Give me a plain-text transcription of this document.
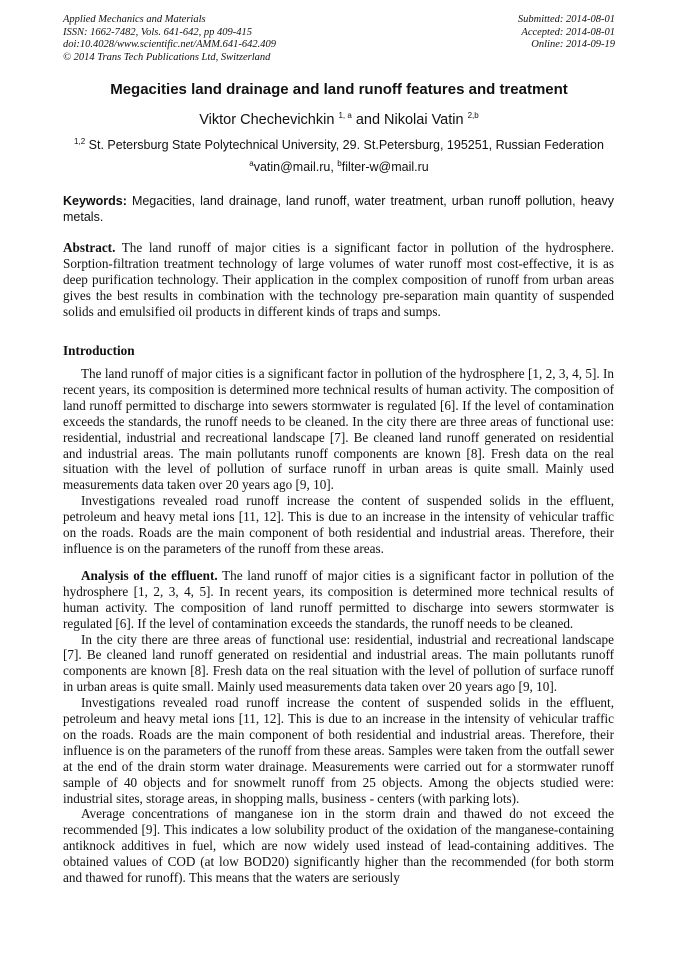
Applied Mechanics and Materials
ISSN: 1662-7482, Vols. 641-642, pp 409-415
doi:10.4028/www.scientific.net/AMM.641-642.409
© 2014 Trans Tech Publications Ltd, Switzerland
Submitted: 2014-08-01
Accepted: 2014-08-01
Online: 2014-09-19
Megacities land drainage and land runoff features and treatment
Viktor Chechevichkin $^{1, a}$ and Nikolai Vatin $^{2,b}$
$^{1,2}$ St. Petersburg State Polytechnical University, 29. St.Petersburg, 195251, Russian Federation
$^a$vatin@mail.ru, $^b$filter-w@mail.ru
Keywords: Megacities, land drainage, land runoff, water treatment, urban runoff pollution, heavy metals.

Abstract. The land runoff of major cities is a significant factor in pollution of the hydrosphere. Sorption-filtration treatment technology of large volumes of water runoff most cost-effective, it is as deep purification technology. Their application in the complex composition of runoff from urban areas gives the best results in combination with the technology pre-separation main quantity of suspended solids and emulsified oil products in different kinds of traps and sumps.

Introduction

The land runoff of major cities is a significant factor in pollution of the hydrosphere [1, 2, 3, 4, 5]. In recent years, its composition is determined more technical results of human activity. The composition of land runoff permitted to discharge into sewers stormwater is regulated [6]. If the level of contamination exceeds the standards, the runoff needs to be cleaned. In the city there are three areas of functional use: residential, industrial and recreational landscape [7]. Be cleaned land runoff generated on residential and industrial areas. The main pollutants runoff components are known [8]. Fresh data on the real situation with the level of pollution of surface runoff in urban areas is quite small. Mainly used measurements data taken over 20 years ago [9, 10].

Investigations revealed road runoff increase the content of suspended solids in the effluent, petroleum and heavy metal ions [11, 12]. This is due to an increase in the intensity of vehicular traffic on the roads. Roads are the main component of both residential and industrial areas. Therefore, their influence is on the parameters of the runoff from these areas.

Analysis of the effluent. The land runoff of major cities is a significant factor in pollution of the hydrosphere [1, 2, 3, 4, 5]. In recent years, its composition is determined more technical results of human activity. The composition of land runoff permitted to discharge into sewers stormwater is regulated [6]. If the level of contamination exceeds the standards, the runoff needs to be cleaned.

In the city there are three areas of functional use: residential, industrial and recreational landscape [7]. Be cleaned land runoff generated on residential and industrial areas. The main pollutants runoff components are known [8]. Fresh data on the real situation with the level of pollution of surface runoff in urban areas is quite small. Mainly used measurements data taken over 20 years ago [9, 10].

Investigations revealed road runoff increase the content of suspended solids in the effluent, petroleum and heavy metal ions [11, 12]. This is due to an increase in the intensity of vehicular traffic on the roads. Roads are the main component of both residential and industrial areas. Therefore, their influence is on the parameters of the runoff from these areas. Samples were taken from the outfall sewer at the end of the drain storm water drainage. Measurements were carried out for a stormwater runoff sample of 40 objects and for snowmelt runoff from 25 objects. Among the objects studied were: industrial sites, storage areas, in shopping malls, business - centers (with parking lots).

Average concentrations of manganese ion in the storm drain and thawed do not exceed the recommended [9]. This indicates a low solubility product of the oxidation of the manganese-containing antiknock additives in fuel, which are now widely used instead of lead-containing additives. The obtained values of COD (at low BOD20) significantly higher than the recommended (for both storm and thawed for runoff). This means that the waters are seriously
